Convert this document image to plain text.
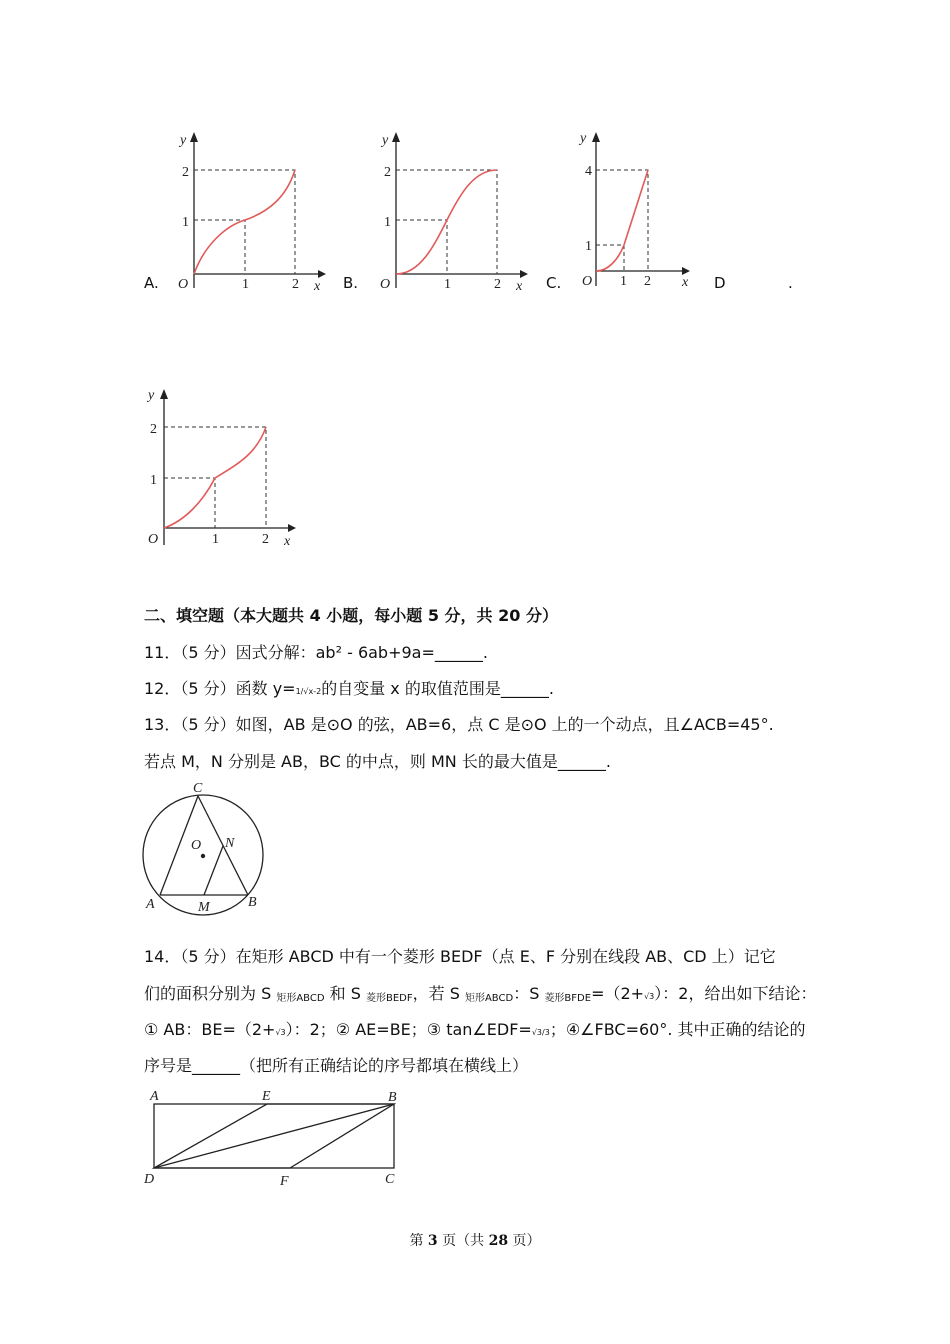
A.	B.	C.	D	.
y
x
O
2
1
1	2
y
x
O
2
1
1	2
y
x
O
4
1
1 2
y
x
O
2
1
1	2
二、填空题（本大题共 4 小题，每小题 5 分，共 20 分）
11．（5 分）因式分解：ab² - 6ab+9a=______.
12．（5 分）函数 y=1/√x-2的自变量 x 的取值范围是______.
13．（5 分）如图，AB 是⊙O 的弦，AB=6，点 C 是⊙O 上的一个动点，且∠ACB=45°.
若点 M，N 分别是 AB，BC 的中点，则 MN 长的最大值是______.
C
O N
A	M	B
14．（5 分）在矩形 ABCD 中有一个菱形 BEDF（点 E、F 分别在线段 AB、CD 上）记它
们的面积分别为 S $_{矩形ABCD}$ 和 S $_{菱形BEDF}$，若 S $_{矩形ABCD}$：S $_{菱形BFDE}$=（2+√3）：2，给出如下结论：
① AB：BE=（2+√3）：2；② AE=BE；③ tan∠EDF=√3/3；④∠FBC=60°. 其中正确的结论的
序号是______（把所有正确结论的序号都填在横线上）
A	E	B
D	F	C
第 3 页（共 28 页）
